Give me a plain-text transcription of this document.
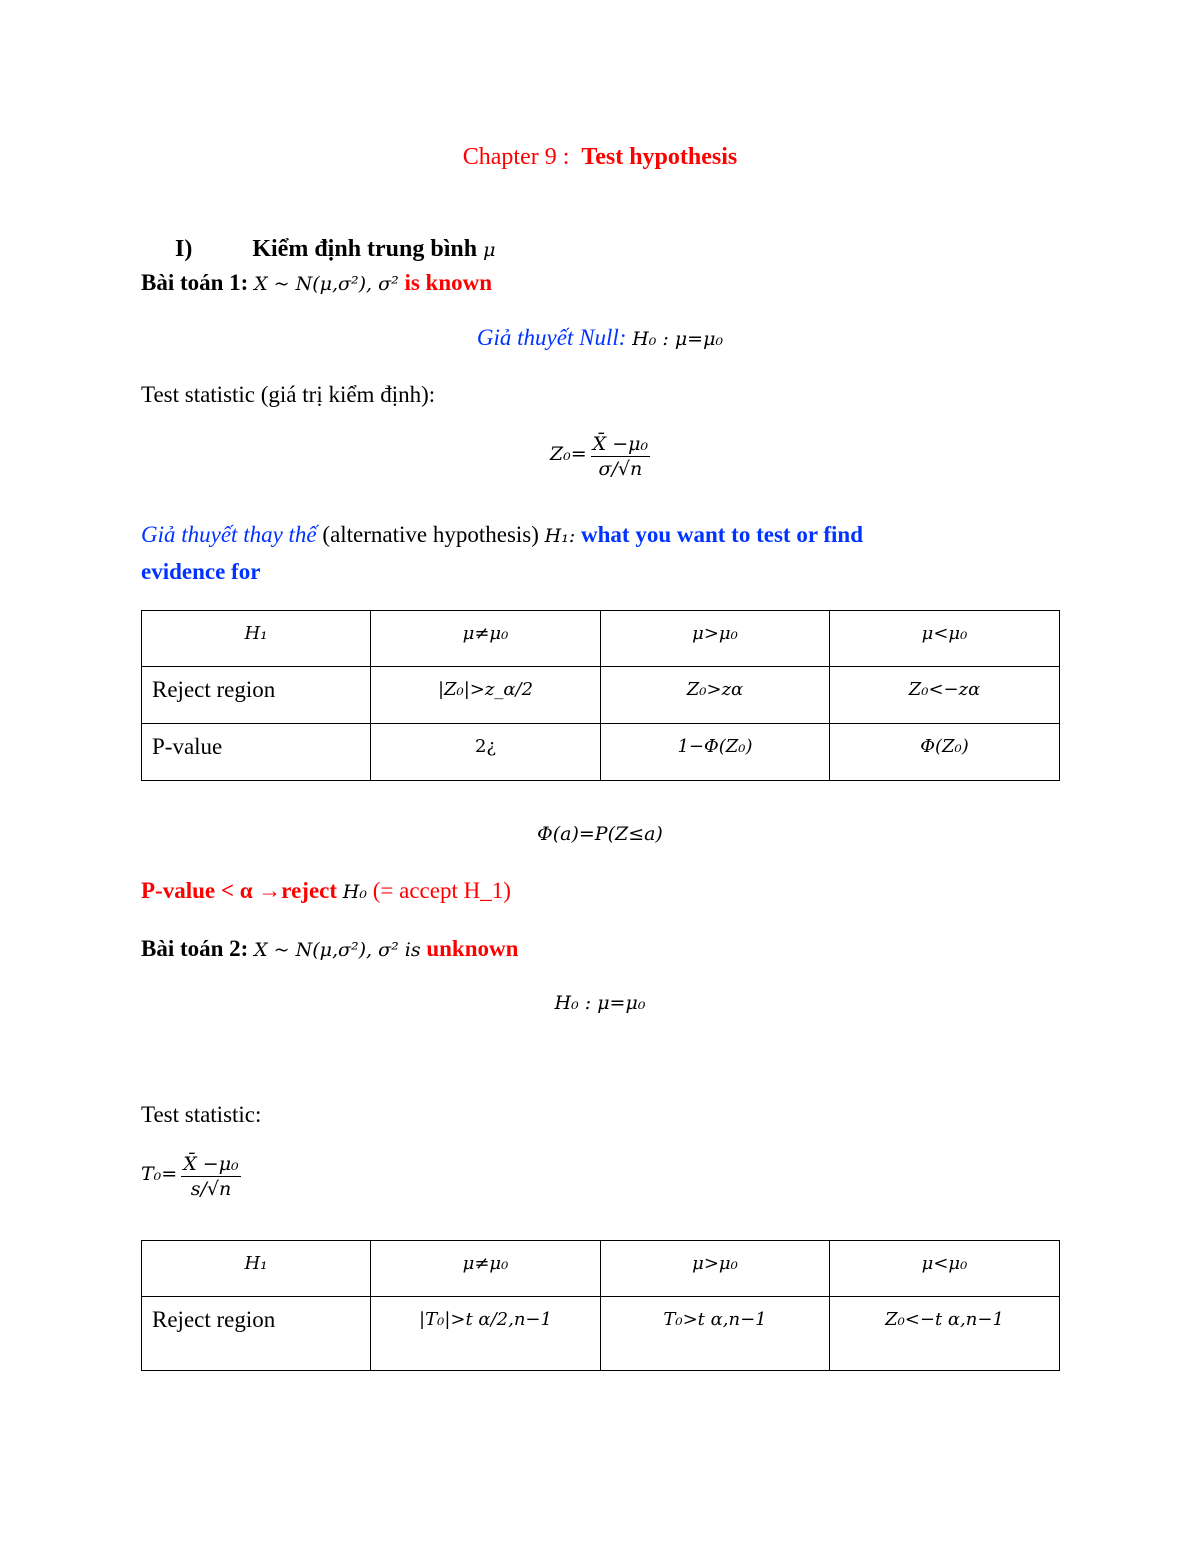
Chapter 9 : Test hypothesis
I)	Kiểm định trung bình μ
Bài toán 1: X ~ N(μ,σ²), σ² is known
Giả thuyết Null: H₀ : μ=μ₀
Test statistic (giá trị kiểm định):
$Z_0= \frac{\text{X̄ −μ₀}}{\sigma/√n}$
Giả thuyết thay thế (alternative hypothesis) H₁: what you want to test or find
evidence for
H₁	μ≠μ₀	μ>μ₀	μ<μ₀
Reject region	|Z₀|>z_α/2	Z₀>zα	Z₀<−zα
P-value	2¿	1−Φ(Z₀)	Φ(Z₀)
Φ(a)=P(Z≤a)
P-value < α →reject H₀ (= accept H_1)
Bài toán 2: X ~ N(μ,σ²), σ² is unknown
H₀ : μ=μ₀
Test statistic:
$T_0= \frac{\text{X̄ −μ₀}}{s/√n}$
H₁	μ≠μ₀	μ>μ₀	μ<μ₀
Reject region	|T₀|>t α/2,n−1	T₀>t α,n−1	Z₀<−t α,n−1
